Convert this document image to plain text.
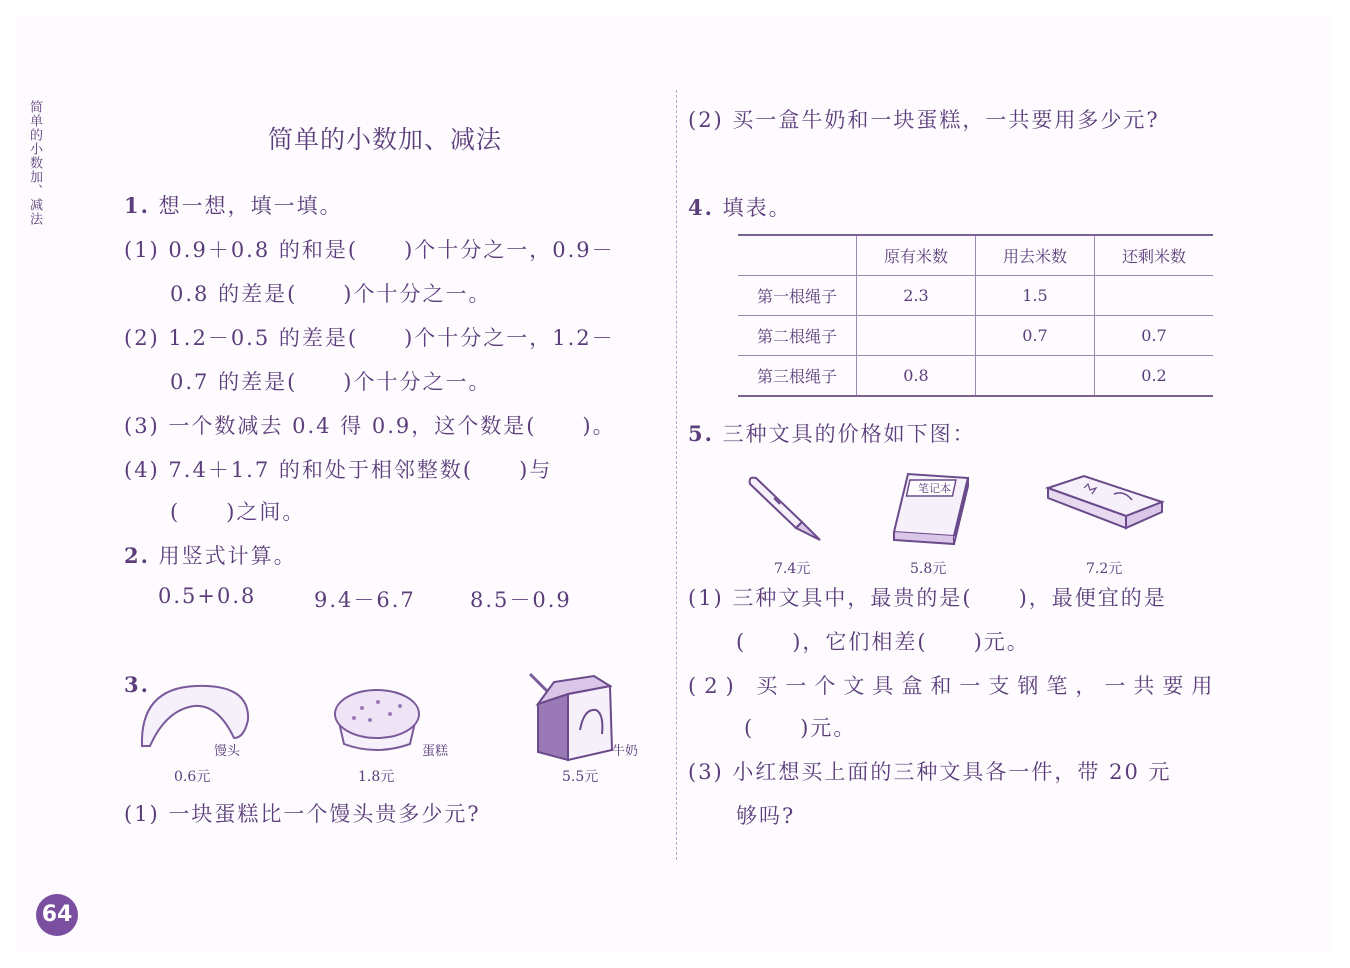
简单的小数加、减法	简单的小数加、减法
1. 想一想，填一填。
(1) 0.9＋0.8 的和是(　　)个十分之一，0.9－
0.8 的差是(　　)个十分之一。
(2) 1.2－0.5 的差是(　　)个十分之一，1.2－
0.7 的差是(　　)个十分之一。
(3) 一个数减去 0.4 得 0.9，这个数是(　　)。
(4) 7.4＋1.7 的和处于相邻整数(　　)与
(　　)之间。
2. 用竖式计算。
0.5+0.8	9.4－6.7	8.5－0.9
3.
馒头
0.6元
蛋糕
1.8元
牛奶
5.5元
(1) 一块蛋糕比一个馒头贵多少元?
(2) 买一盒牛奶和一块蛋糕，一共要用多少元?
4. 填表。
	原有米数	用去米数	还剩米数
第一根绳子	2.3	1.5	
第二根绳子		0.7	0.7
第三根绳子	0.8		0.2
5. 三种文具的价格如下图：
7.4元
笔记本
5.8元	7.2元
(1) 三种文具中，最贵的是(　　)，最便宜的是
(　　)，它们相差(　　)元。
(2) 买一个文具盒和一支钢笔，一共要用
(　　)元。
(3) 小红想买上面的三种文具各一件，带 20 元
够吗?
64
